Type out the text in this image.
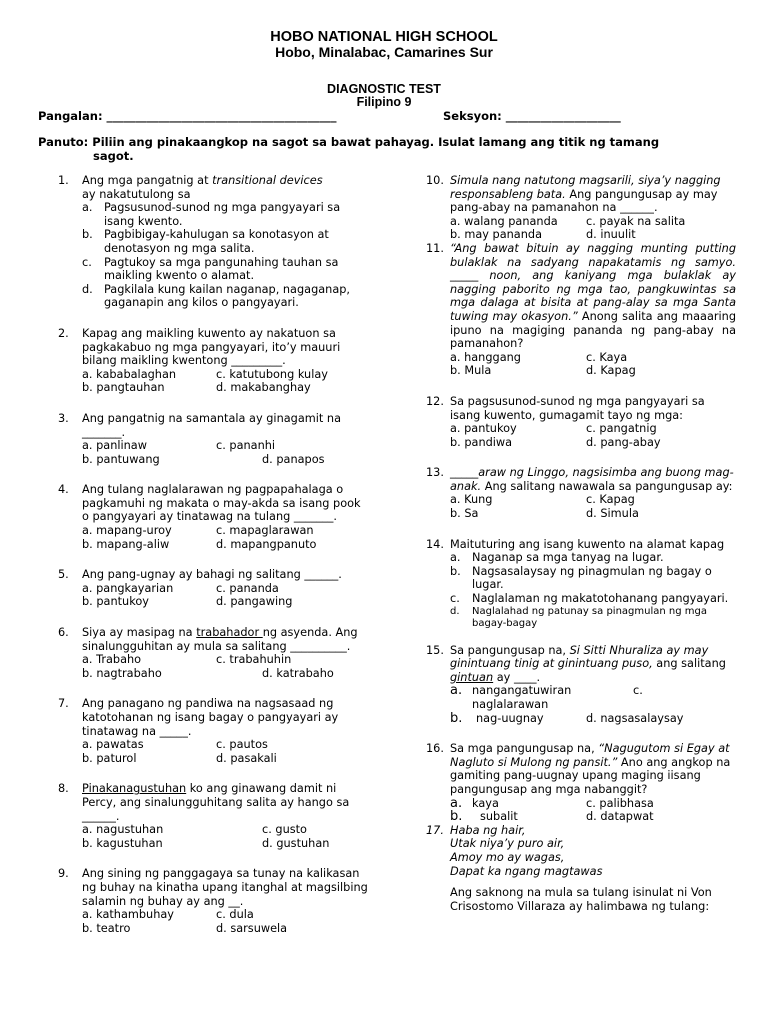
HOBO NATIONAL HIGH SCHOOL
Hobo, Minalabac, Camarines Sur
DIAGNOSTIC TEST
Filipino 9
Pangalan: ________________________________________	Seksyon: ____________________
Panuto: Piliin ang pinakaangkop na sagot sa bawat pahayag. Isulat lamang ang titik ng tamang
sagot.
1. Ang mga pangatnig at transitional devices
ay nakatutulong sa
a. Pagsusunod-sunod ng mga pangyayari sa isang kwento.
b. Pagbibigay-kahulugan sa konotasyon at denotasyon ng mga salita.
c. Pagtukoy sa mga pangunahing tauhan sa maikling kwento o alamat.
d. Pagkilala kung kailan naganap, nagaganap, gaganapin ang kilos o pangyayari.
2. Kapag ang maikling kuwento ay nakatuon sa pagkakabuo ng mga pangyayari, ito’y mauuri bilang maikling kwentong _________.
a. kababalaghan	c. katutubong kulay
b. pangtauhan	d. makabanghay
3. Ang pangatnig na samantala ay ginagamit na _______.
a. panlinaw	c. pananhi
b. pantuwang	d. panapos
4. Ang tulang naglalarawan ng pagpapahalaga o pagkamuhi ng makata o may-akda sa isang pook o pangyayari ay tinatawag na tulang _______.
a. mapang-uroy	c. mapaglarawan
b. mapang-aliw	d. mapangpanuto
5. Ang pang-ugnay ay bahagi ng salitang ______.
a. pangkayarian	c. pananda
b. pantukoy	d. pangawing
6. Siya ay masipag na trabahador ng asyenda. Ang sinalungguhitan ay mula sa salitang __________.
a. Trabaho	c. trabahuhin
b. nagtrabaho	d. katrabaho
7. Ang panagano ng pandiwa na nagsasaad ng katotohanan ng isang bagay o pangyayari ay tinatawag na _____.
a. pawatas	c. pautos
b. paturol	d. pasakali
8. Pinakanagustuhan ko ang ginawang damit ni Percy, ang sinalungguhitang salita ay hango sa ______.
a. nagustuhan	c. gusto
b. kagustuhan	d. gustuhan
9. Ang sining ng panggagaya sa tunay na kalikasan ng buhay na kinatha upang itanghal at magsilbing salamin ng buhay ay ang __.
a. kathambuhay	c. dula
b. teatro	d. sarsuwela
10. Simula nang natutong magsarili, siya’y nagging responsableng bata. Ang pangungusap ay may pang-abay na pamanahon na ______.
a. walang pananda	c. payak na salita
b. may pananda	d. inuulit
11. “Ang bawat bituin ay nagging munting putting bulaklak na sadyang napakatamis ng samyo. _____ noon, ang kaniyang mga bulaklak ay nagging paborito ng mga tao, pangkuwintas sa mga dalaga at bisita at pang-alay sa mga Santa tuwing may okasyon.” Anong salita ang maaaring ipuno na magiging pananda ng pang-abay na pamanahon?
a. hanggang	c. Kaya
b. Mula	d. Kapag
12. Sa pagsusunod-sunod ng mga pangyayari sa isang kuwento, gumagamit tayo ng mga:
a. pantukoy	c. pangatnig
b. pandiwa	d. pang-abay
13. _____araw ng Linggo, nagsisimba ang buong mag-anak. Ang salitang nawawala sa pangungusap ay:
a. Kung	c. Kapag
b. Sa	d. Simula
14. Maituturing ang isang kuwento na alamat kapag
a. Naganap sa mga tanyag na lugar.
b. Nagsasalaysay ng pinagmulan ng bagay o lugar.
c. Naglalaman ng makatotohanang pangyayari.
d. Naglalahad ng patunay sa pinagmulan ng mga bagay-bagay
15. Sa pangungusap na, Si Sitti Nhuraliza ay may ginintuang tinig at ginintuang puso, ang salitang gintuan ay ____.
a. nangangatuwiran	c.
naglalarawan
b. nag-uugnay	d. nagsasalaysay
16. Sa mga pangungusap na, “Nagugutom si Egay at Nagluto si Mulong ng pansit.” Ano ang angkop na gamiting pang-uugnay upang maging iisang pangungusap ang mga nabanggit?
a. kaya	c. palibhasa
b. subalit	d. datapwat
17. Haba ng hair,
Utak niya’y puro air,
Amoy mo ay wagas,
Dapat ka ngang magtawas
Ang saknong na mula sa tulang isinulat ni Von Crisostomo Villaraza ay halimbawa ng tulang:
